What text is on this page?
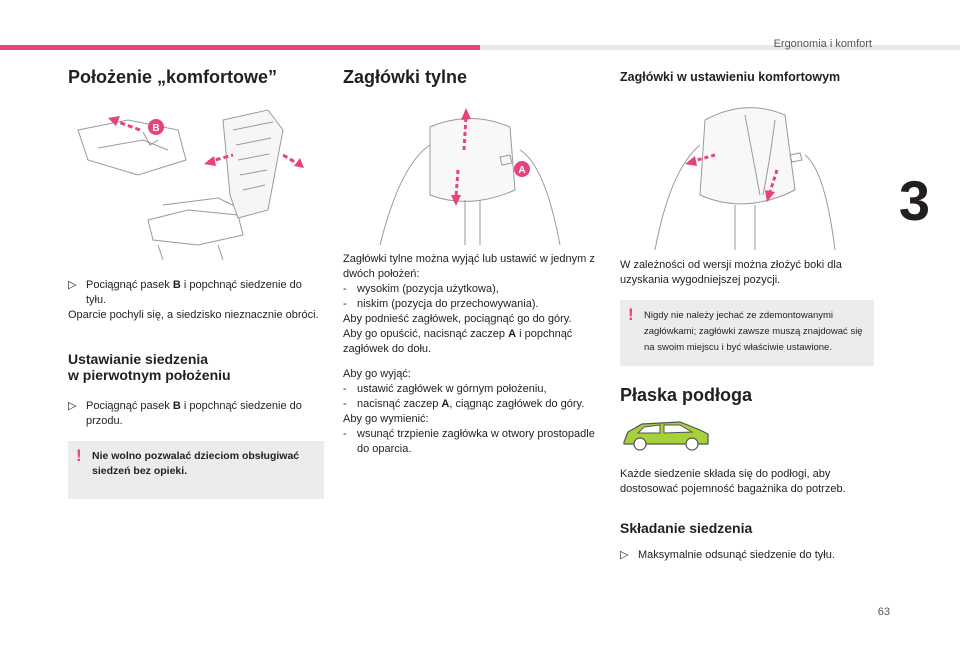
Ergonomia i komfort
3
63
Położenie „komfortowe”
B
▷ Pociągnąć pasek B i popchnąć siedzenie do tyłu.

Oparcie pochyli się, a siedzisko nieznacznie obróci.

Ustawianie siedzenia
w pierwotnym położeniu
▷ Pociągnąć pasek B i popchnąć siedzenie do przodu.
! Nie wolno pozwalać dzieciom obsługiwać siedzeń bez opieki.

Zagłówki tylne
A

Zagłówki tylne można wyjąć lub ustawić w jednym z dwóch położeń:

- wysokim (pozycja użytkowa),
- niskim (pozycja do przechowywania).

Aby podnieść zagłówek, pociągnąć go do góry.

Aby go opuścić, nacisnąć zaczep A i popchnąć zagłówek do dołu.

Aby go wyjąć:

- ustawić zagłówek w górnym położeniu,
- nacisnąć zaczep A, ciągnąc zagłówek do góry.

Aby go wymienić:

- wsunąć trzpienie zagłówka w otwory prostopadle do oparcia.
Zagłówki w ustawieniu komfortowym

W zależności od wersji można złożyć boki dla uzyskania wygodniejszej pozycji.

! Nigdy nie należy jechać ze zdemontowanymi zagłówkami; zagłówki zawsze muszą znajdować się na swoim miejscu i być właściwie ustawione.

Płaska podłoga

Każde siedzenie składa się do podłogi, aby dostosować pojemność bagażnika do potrzeb.

Składanie siedzenia
▷ Maksymalnie odsunąć siedzenie do tyłu.
